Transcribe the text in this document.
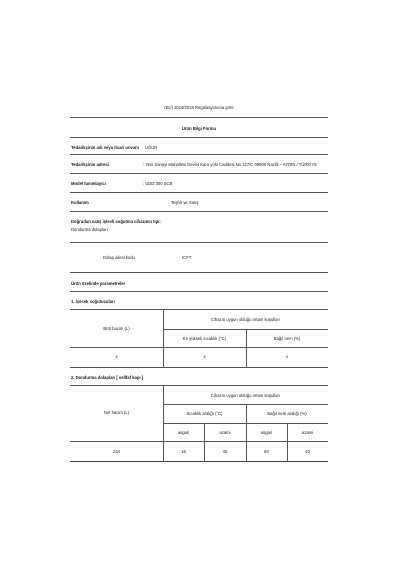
(EU) 2019/2018 Regülasyonuna göre
Ürün Bilgi Formu
Tedarikçinin adı veya ticari unvanı UĞUR
Tedarikçinin adresi	: Yeni Sanayi Mahallesi Devlet Kara yolu Caddesi No 127/C 09900 Nazilli – AYDIN / TÜRKİYE
Model tanımlayıcı	: UDD 300 SCB
Kullanım	Teşhir ve Satış
Doğrudan satış işlevli soğutma cihazının tipi:
Dondurma dolapları
Dolap ailesi kodu	ICFT
Ürün özelinde parametreler
1. İçecek soğutucuları
Cihazın uygun olduğu ortam koşulları
Brüt hacim (L)
En yüksek sıcaklık (°C)	Bağıl nem (%)
x	x	x
2. Dondurma dolapları [ sellfaf kapı ]
Cihazın uygun olduğu ortam koşulları
Net hacim (L)	Sıcaklık aralığı (°C)	Bağıl nem aralığı (%)
asgari	azami	asgari	azami
234	16	40	80	40
